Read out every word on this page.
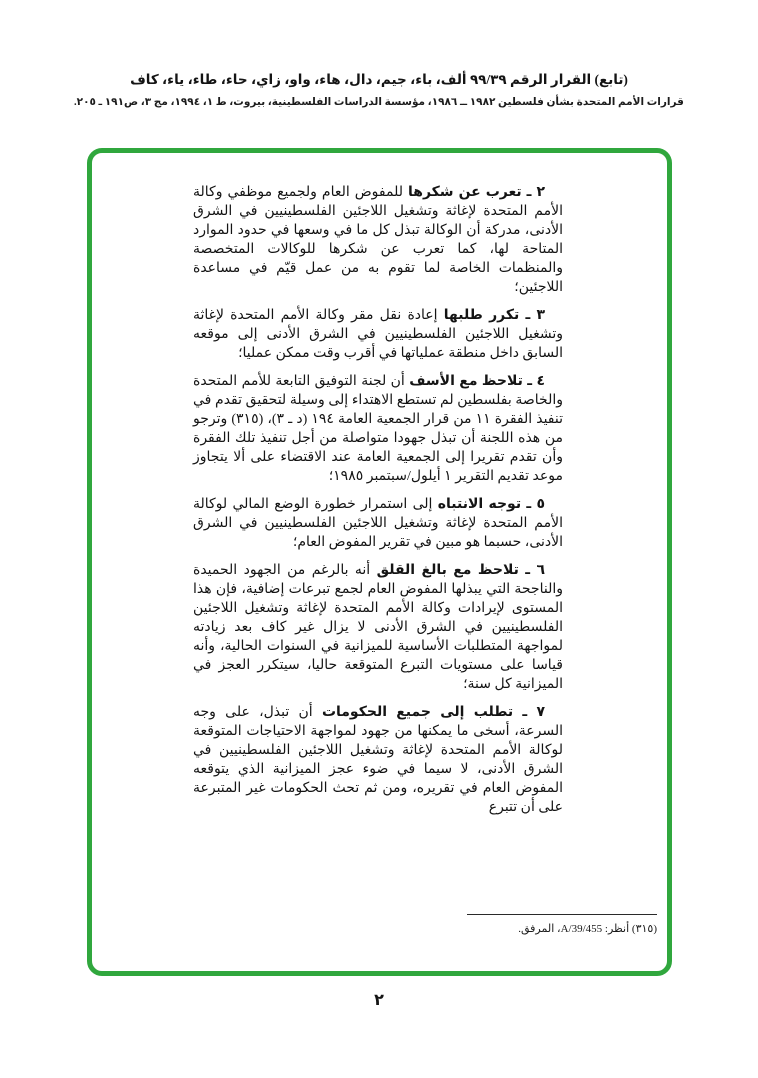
(تابع) القرار الرقم ٩٩/٣٩ ألف، باء، جيم، دال، هاء، واو، زاي، حاء، طاء، ياء، كاف
قرارات الأمم المتحدة بشأن فلسطين ١٩٨٢ ــ ١٩٨٦، مؤسسة الدراسات الفلسطينية، بيروت، ط ١، ١٩٩٤، مج ٣، ص١٩١ ـ ٢٠٥.

٢ ـ تعرب عن شكرها للمفوض العام ولجميع موظفي وكالة الأمم المتحدة لإغاثة وتشغيل اللاجئين الفلسطينيين في الشرق الأدنى، مدركة أن الوكالة تبذل كل ما في وسعها في حدود الموارد المتاحة لها، كما تعرب عن شكرها للوكالات المتخصصة والمنظمات الخاصة لما تقوم به من عمل قيّم في مساعدة اللاجئين؛

٣ ـ تكرر طلبها إعادة نقل مقر وكالة الأمم المتحدة لإغاثة وتشغيل اللاجئين الفلسطينيين في الشرق الأدنى إلى موقعه السابق داخل منطقة عملياتها في أقرب وقت ممكن عمليا؛

٤ ـ تلاحظ مع الأسف أن لجنة التوفيق التابعة للأمم المتحدة والخاصة بفلسطين لم تستطع الاهتداء إلى وسيلة لتحقيق تقدم في تنفيذ الفقرة ١١ من قرار الجمعية العامة ١٩٤ (د ـ ٣)، (٣١٥) وترجو من هذه اللجنة أن تبذل جهودا متواصلة من أجل تنفيذ تلك الفقرة وأن تقدم تقريرا إلى الجمعية العامة عند الاقتضاء على ألا يتجاوز موعد تقديم التقرير ١ أيلول/سبتمبر ١٩٨٥؛

٥ ـ توجه الانتباه إلى استمرار خطورة الوضع المالي لوكالة الأمم المتحدة لإغاثة وتشغيل اللاجئين الفلسطينيين في الشرق الأدنى، حسبما هو مبين في تقرير المفوض العام؛

٦ ـ تلاحظ مع بالغ القلق أنه بالرغم من الجهود الحميدة والناجحة التي يبذلها المفوض العام لجمع تبرعات إضافية، فإن هذا المستوى لإيرادات وكالة الأمم المتحدة لإغاثة وتشغيل اللاجئين الفلسطينيين في الشرق الأدنى لا يزال غير كاف بعد زيادته لمواجهة المتطلبات الأساسية للميزانية في السنوات الحالية، وأنه قياسا على مستويات التبرع المتوقعة حاليا، سيتكرر العجز في الميزانية كل سنة؛

٧ ـ تطلب إلى جميع الحكومات أن تبذل، على وجه السرعة، أسخى ما يمكنها من جهود لمواجهة الاحتياجات المتوقعة لوكالة الأمم المتحدة لإغاثة وتشغيل اللاجئين الفلسطينيين في الشرق الأدنى، لا سيما في ضوء عجز الميزانية الذي يتوقعه المفوض العام في تقريره، ومن ثم تحث الحكومات غير المتبرعة على أن تتبرع

(٣١٥) أنظر: A/39/455، المرفق.
٢
